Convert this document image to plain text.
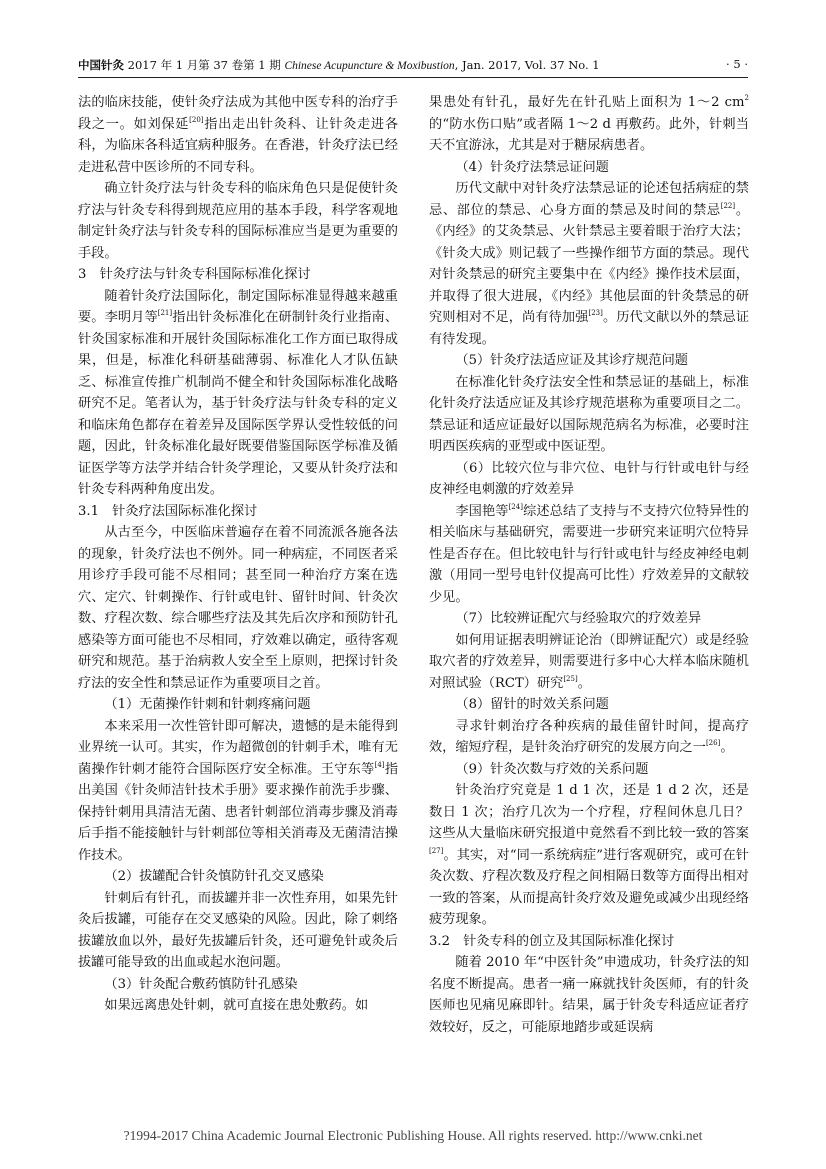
中国针灸 2017 年 1 月第 37 卷第 1 期 Chinese Acupuncture & Moxibustion, Jan. 2017, Vol. 37 No. 1	· 5 ·

法的临床技能，使针灸疗法成为其他中医专科的治疗手段之一。如刘保延[20]指出走出针灸科、让针灸走进各科，为临床各科适宜病种服务。在香港，针灸疗法已经走进私营中医诊所的不同专科。

确立针灸疗法与针灸专科的临床角色只是促使针灸疗法与针灸专科得到规范应用的基本手段，科学客观地制定针灸疗法与针灸专科的国际标准应当是更为重要的手段。

3　针灸疗法与针灸专科国际标准化探讨

随着针灸疗法国际化，制定国际标准显得越来越重要。李明月等[21]指出针灸标准化在研制针灸行业指南、针灸国家标准和开展针灸国际标准化工作方面已取得成果，但是，标准化科研基础薄弱、标准化人才队伍缺乏、标准宣传推广机制尚不健全和针灸国际标准化战略研究不足。笔者认为，基于针灸疗法与针灸专科的定义和临床角色都存在着差异及国际医学界认受性较低的问题，因此，针灸标准化最好既要借鉴国际医学标准及循证医学等方法学并结合针灸学理论，又要从针灸疗法和针灸专科两种角度出发。

3.1　针灸疗法国际标准化探讨

从古至今，中医临床普遍存在着不同流派各施各法的现象，针灸疗法也不例外。同一种病症，不同医者采用诊疗手段可能不尽相同；甚至同一种治疗方案在选穴、定穴、针刺操作、行针或电针、留针时间、针灸次数、疗程次数、综合哪些疗法及其先后次序和预防针孔感染等方面可能也不尽相同，疗效难以确定，亟待客观研究和规范。基于治病救人安全至上原则，把探讨针灸疗法的安全性和禁忌证作为重要项目之首。

（1）无菌操作针刺和针刺疼痛问题

本来采用一次性管针即可解决，遗憾的是未能得到业界统一认可。其实，作为超微创的针刺手术，唯有无菌操作针刺才能符合国际医疗安全标准。王守东等[4]指出美国《针灸师洁针技术手册》要求操作前洗手步骤、保持针刺用具清洁无菌、患者针刺部位消毒步骤及消毒后手指不能接触针与针刺部位等相关消毒及无菌清洁操作技术。

（2）拔罐配合针灸慎防针孔交叉感染

针刺后有针孔，而拔罐并非一次性弃用，如果先针灸后拔罐，可能存在交叉感染的风险。因此，除了刺络拔罐放血以外，最好先拔罐后针灸，还可避免针或灸后拔罐可能导致的出血或起水泡问题。

（3）针灸配合敷药慎防针孔感染

如果远离患处针刺，就可直接在患处敷药。如

果患处有针孔，最好先在针孔贴上面积为 1～2 $cm^2$的“防水伤口贴”或者隔 1～2 d 再敷药。此外，针刺当天不宜游泳，尤其是对于糖尿病患者。

（4）针灸疗法禁忌证问题

历代文献中对针灸疗法禁忌证的论述包括病症的禁忌、部位的禁忌、心身方面的禁忌及时间的禁忌[22]。《内经》的艾灸禁忌、火针禁忌主要着眼于治疗大法；《针灸大成》则记载了一些操作细节方面的禁忌。现代对针灸禁忌的研究主要集中在《内经》操作技术层面，并取得了很大进展，《内经》其他层面的针灸禁忌的研究则相对不足，尚有待加强[23]。历代文献以外的禁忌证有待发现。

（5）针灸疗法适应证及其诊疗规范问题

在标准化针灸疗法安全性和禁忌证的基础上，标准化针灸疗法适应证及其诊疗规范堪称为重要项目之二。禁忌证和适应证最好以国际规范病名为标准，必要时注明西医疾病的亚型或中医证型。

（6）比较穴位与非穴位、电针与行针或电针与经皮神经电刺激的疗效差异

李国艳等[24]综述总结了支持与不支持穴位特异性的相关临床与基础研究，需要进一步研究来证明穴位特异性是否存在。但比较电针与行针或电针与经皮神经电刺激（用同一型号电针仪提高可比性）疗效差异的文献较少见。

（7）比较辨证配穴与经验取穴的疗效差异

如何用证据表明辨证论治（即辨证配穴）或是经验取穴者的疗效差异，则需要进行多中心大样本临床随机对照试验（RCT）研究[25]。

（8）留针的时效关系问题

寻求针刺治疗各种疾病的最佳留针时间，提高疗效，缩短疗程，是针灸治疗研究的发展方向之一[26]。

（9）针灸次数与疗效的关系问题

针灸治疗究竟是 1 d 1 次，还是 1 d 2 次，还是数日 1 次；治疗几次为一个疗程，疗程间休息几日？这些从大量临床研究报道中竟然看不到比较一致的答案[27]。其实，对“同一系统病症”进行客观研究，或可在针灸次数、疗程次数及疗程之间相隔日数等方面得出相对一致的答案，从而提高针灸疗效及避免或减少出现经络疲劳现象。

3.2　针灸专科的创立及其国际标准化探讨

随着 2010 年“中医针灸”申遗成功，针灸疗法的知名度不断提高。患者一痛一麻就找针灸医师，有的针灸医师也见痛见麻即针。结果，属于针灸专科适应证者疗效较好，反之，可能原地踏步或延误病

?1994-2017 China Academic Journal Electronic Publishing House. All rights reserved. http://www.cnki.net
